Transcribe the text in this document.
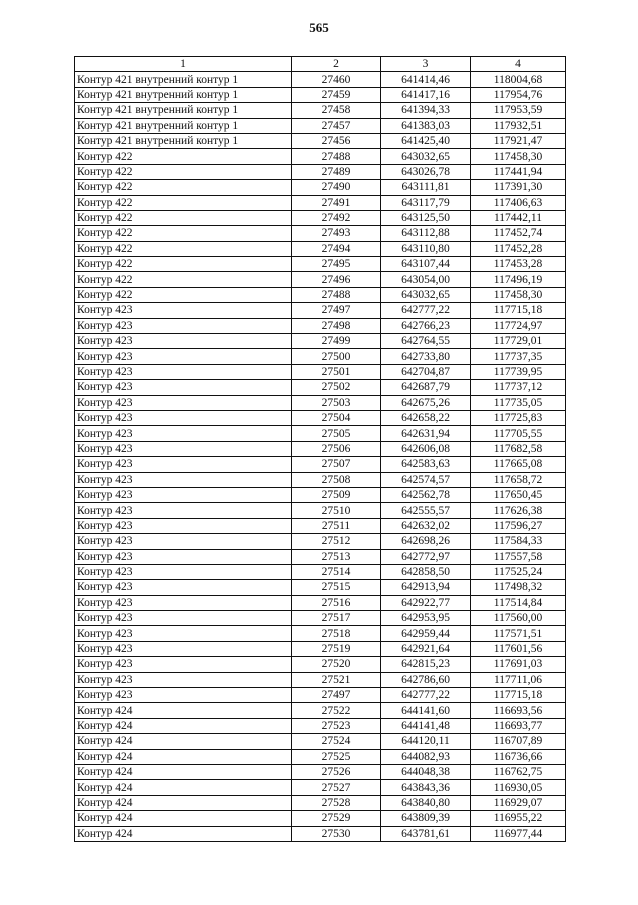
565
1	2	3	4
Контур 421 внутренний контур 1	27460	641414,46	118004,68
Контур 421 внутренний контур 1	27459	641417,16	117954,76
Контур 421 внутренний контур 1	27458	641394,33	117953,59
Контур 421 внутренний контур 1	27457	641383,03	117932,51
Контур 421 внутренний контур 1	27456	641425,40	117921,47
Контур 422	27488	643032,65	117458,30
Контур 422	27489	643026,78	117441,94
Контур 422	27490	643111,81	117391,30
Контур 422	27491	643117,79	117406,63
Контур 422	27492	643125,50	117442,11
Контур 422	27493	643112,88	117452,74
Контур 422	27494	643110,80	117452,28
Контур 422	27495	643107,44	117453,28
Контур 422	27496	643054,00	117496,19
Контур 422	27488	643032,65	117458,30
Контур 423	27497	642777,22	117715,18
Контур 423	27498	642766,23	117724,97
Контур 423	27499	642764,55	117729,01
Контур 423	27500	642733,80	117737,35
Контур 423	27501	642704,87	117739,95
Контур 423	27502	642687,79	117737,12
Контур 423	27503	642675,26	117735,05
Контур 423	27504	642658,22	117725,83
Контур 423	27505	642631,94	117705,55
Контур 423	27506	642606,08	117682,58
Контур 423	27507	642583,63	117665,08
Контур 423	27508	642574,57	117658,72
Контур 423	27509	642562,78	117650,45
Контур 423	27510	642555,57	117626,38
Контур 423	27511	642632,02	117596,27
Контур 423	27512	642698,26	117584,33
Контур 423	27513	642772,97	117557,58
Контур 423	27514	642858,50	117525,24
Контур 423	27515	642913,94	117498,32
Контур 423	27516	642922,77	117514,84
Контур 423	27517	642953,95	117560,00
Контур 423	27518	642959,44	117571,51
Контур 423	27519	642921,64	117601,56
Контур 423	27520	642815,23	117691,03
Контур 423	27521	642786,60	117711,06
Контур 423	27497	642777,22	117715,18
Контур 424	27522	644141,60	116693,56
Контур 424	27523	644141,48	116693,77
Контур 424	27524	644120,11	116707,89
Контур 424	27525	644082,93	116736,66
Контур 424	27526	644048,38	116762,75
Контур 424	27527	643843,36	116930,05
Контур 424	27528	643840,80	116929,07
Контур 424	27529	643809,39	116955,22
Контур 424	27530	643781,61	116977,44
